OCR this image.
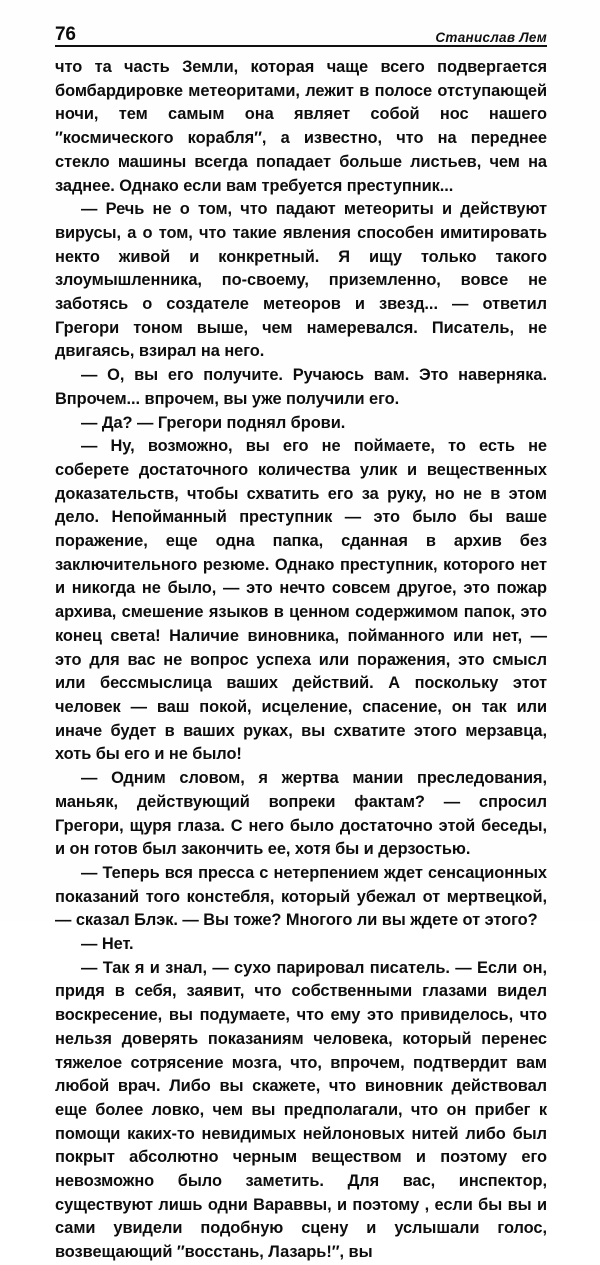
76	Станислав Лем

что та часть Земли, которая чаще всего подвергается бомбардировке метеоритами, лежит в полосе отступающей ночи, тем самым она являет собой нос нашего ″космического корабля″, а известно, что на переднее стекло машины всегда попадает больше листьев, чем на заднее. Однако если вам требуется преступник...

— Речь не о том, что падают метеориты и действуют вирусы, а о том, что такие явления способен имитировать некто живой и конкретный. Я ищу только такого злоумышленника, по-своему, приземленно, вовсе не заботясь о создателе метеоров и звезд... — ответил Грегори тоном выше, чем намеревался. Писатель, не двигаясь, взирал на него.

— О, вы его получите. Ручаюсь вам. Это наверняка. Впрочем... впрочем, вы уже получили его.

— Да? — Грегори поднял брови.

— Ну, возможно, вы его не поймаете, то есть не соберете достаточного количества улик и вещественных доказательств, чтобы схватить его за руку, но не в этом дело. Непойманный преступник — это было бы ваше поражение, еще одна папка, сданная в архив без заключительного резюме. Однако преступник, которого нет и никогда не было, — это нечто совсем другое, это пожар архива, смешение языков в ценном содержимом папок, это конец света! Наличие виновника, пойманного или нет, — это для вас не вопрос успеха или поражения, это смысл или бессмыслица ваших действий. А поскольку этот человек — ваш покой, исцеление, спасение, он так или иначе будет в ваших руках, вы схватите этого мерзавца, хоть бы его и не было!

— Одним словом, я жертва мании преследования, маньяк, действующий вопреки фактам? — спросил Грегори, щуря глаза. С него было достаточно этой беседы, и он готов был закончить ее, хотя бы и дерзостью.

— Теперь вся пресса с нетерпением ждет сенсационных показаний того констебля, который убежал от мертвецкой, — сказал Блэк. — Вы тоже? Многого ли вы ждете от этого?

— Нет.

— Так я и знал, — сухо парировал писатель. — Если он, придя в себя, заявит, что собственными глазами видел воскресение, вы подумаете, что ему это привиделось, что нельзя доверять показаниям человека, который перенес тяжелое сотрясение мозга, что, впрочем, подтвердит вам любой врач. Либо вы скажете, что виновник действовал еще более ловко, чем вы предполагали, что он прибег к помощи каких-то невидимых нейлоновых нитей либо был покрыт абсолютно черным веществом и поэтому его невозможно было заметить. Для вас, инспектор, существуют лишь одни Вараввы, и поэтому , если бы вы и сами увидели подобную сцену и услышали голос, возвещающий ″восстань, Лазарь!″, вы
